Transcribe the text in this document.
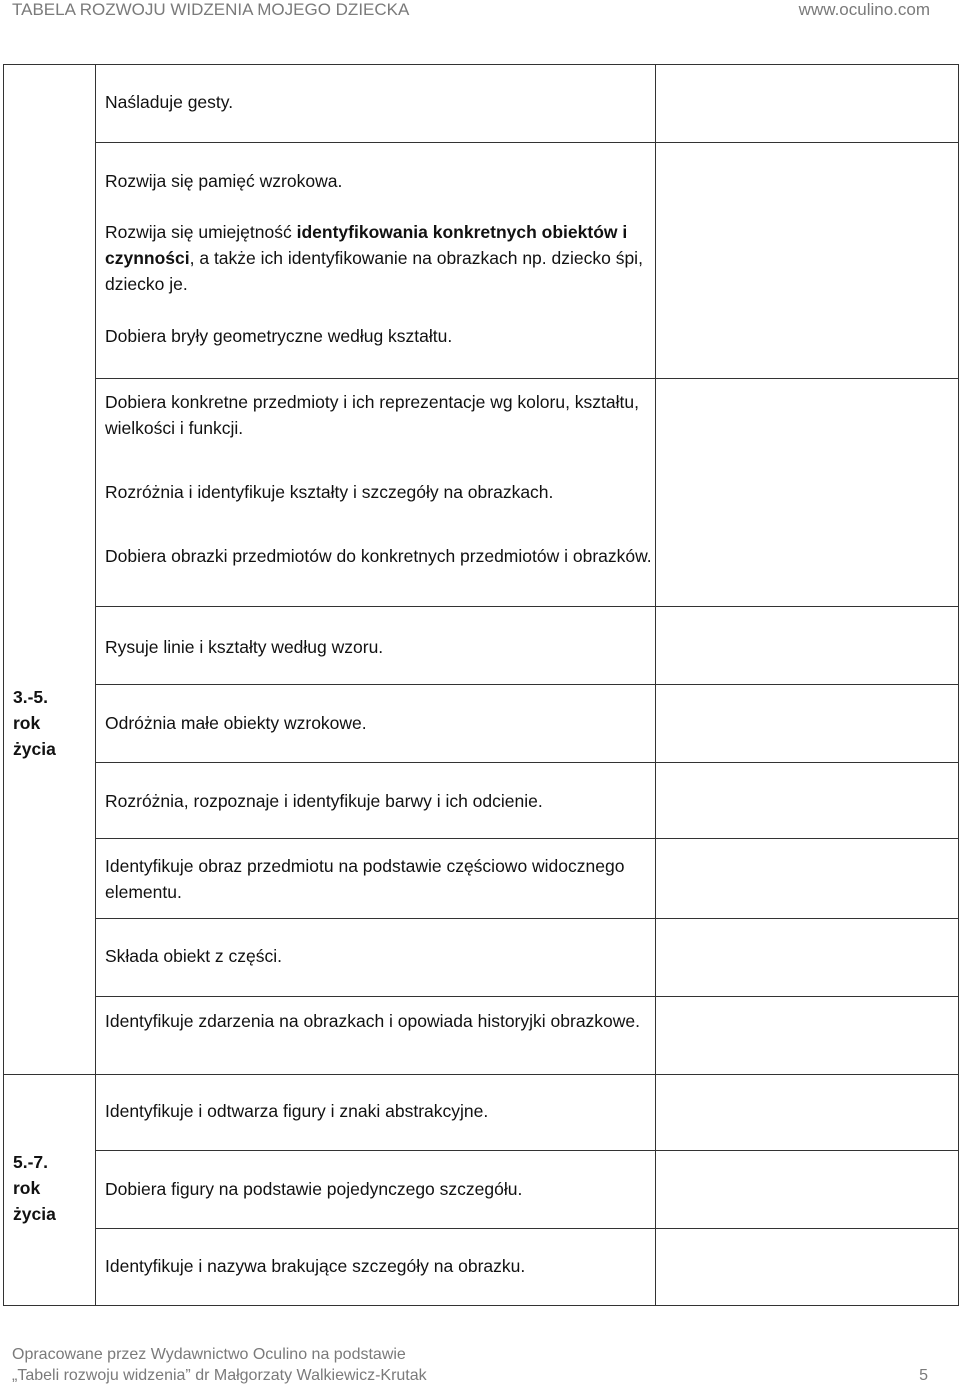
TABELA ROZWOJU WIDZENIA MOJEGO DZIECKA	www.oculino.com
3.-5.
rok
życia
5.-7.
rok
życia
Naśladuje gesty.
Rozwija się pamięć wzrokowa.
Rozwija się umiejętność identyfikowania konkretnych obiektów i czynności, a także ich identyfikowanie na obrazkach np. dziecko śpi, dziecko je.
Dobiera bryły geometryczne według kształtu.
Dobiera konkretne przedmioty i ich reprezentacje wg koloru, kształtu, wielkości i funkcji.
Rozróżnia i identyfikuje kształty i szczegóły na obrazkach.
Dobiera obrazki przedmiotów do konkretnych przedmiotów i obrazków.
Rysuje linie i kształty według wzoru.
Odróżnia małe obiekty wzrokowe.
Rozróżnia, rozpoznaje i identyfikuje barwy i ich odcienie.
Identyfikuje obraz przedmiotu na podstawie częściowo widocznego elementu.
Składa obiekt z części.
Identyfikuje zdarzenia na obrazkach i opowiada historyjki obrazkowe.
Identyfikuje i odtwarza figury i znaki abstrakcyjne.
Dobiera figury na podstawie pojedynczego szczegółu.
Identyfikuje i nazywa brakujące szczegóły na obrazku.
Opracowane przez Wydawnictwo Oculino na podstawie
„Tabeli rozwoju widzenia” dr Małgorzaty Walkiewicz-Krutak	5
